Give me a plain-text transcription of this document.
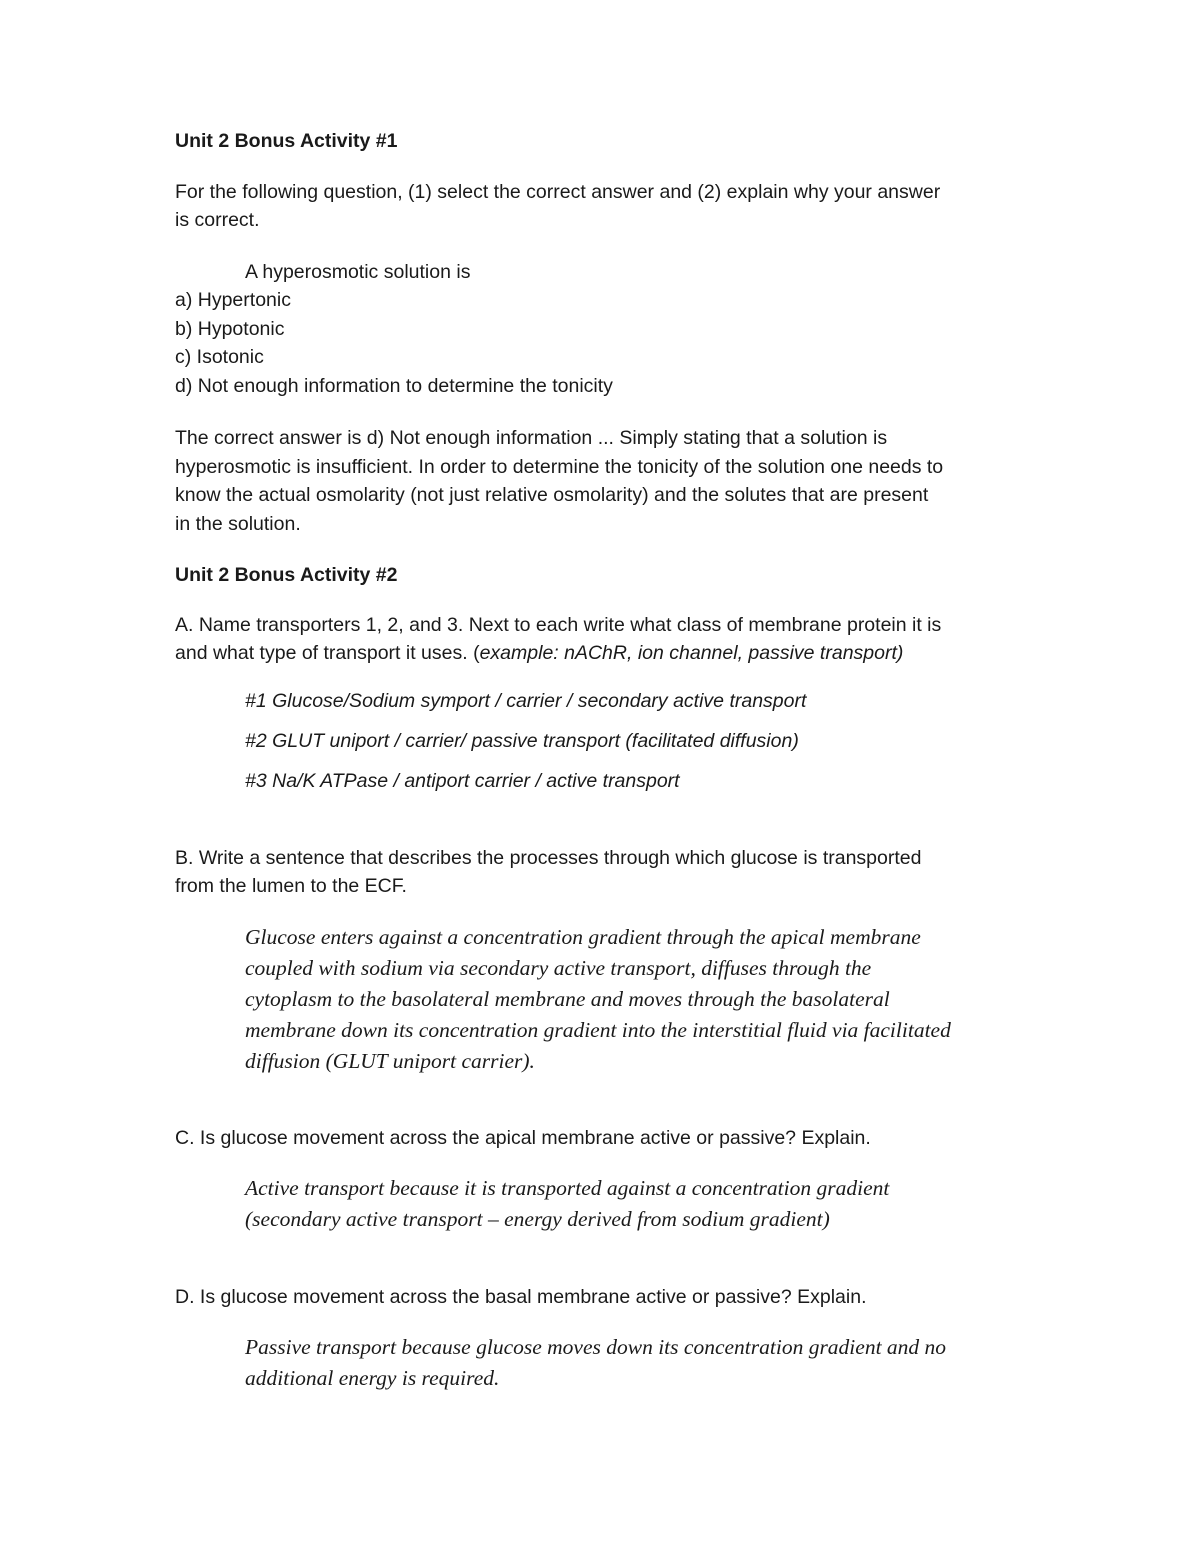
Unit 2 Bonus Activity #1

For the following question, (1) select the correct answer and (2) explain why your answer

is correct.

A hyperosmotic solution is

a) Hypertonic

b) Hypotonic

c) Isotonic

d) Not enough information to determine the tonicity

The correct answer is d) Not enough information ... Simply stating that a solution is

hyperosmotic is insufficient. In order to determine the tonicity of the solution one needs to

know the actual osmolarity (not just relative osmolarity) and the solutes that are present

in the solution.

Unit 2 Bonus Activity #2

A. Name transporters 1, 2, and 3. Next to each write what class of membrane protein it is

and what type of transport it uses. (example: nAChR, ion channel, passive transport)

#1 Glucose/Sodium symport / carrier / secondary active transport

#2 GLUT uniport / carrier/ passive transport (facilitated diffusion)

#3 Na/K ATPase / antiport carrier / active transport

B. Write a sentence that describes the processes through which glucose is transported

from the lumen to the ECF.

Glucose enters against a concentration gradient through the apical membrane

coupled with sodium via secondary active transport, diffuses through the

cytoplasm to the basolateral membrane and moves through the basolateral

membrane down its concentration gradient into the interstitial fluid via facilitated

diffusion (GLUT uniport carrier).

C. Is glucose movement across the apical membrane active or passive? Explain.

Active transport because it is transported against a concentration gradient

(secondary active transport – energy derived from sodium gradient)

D. Is glucose movement across the basal membrane active or passive? Explain.

Passive transport because glucose moves down its concentration gradient and no

additional energy is required.
